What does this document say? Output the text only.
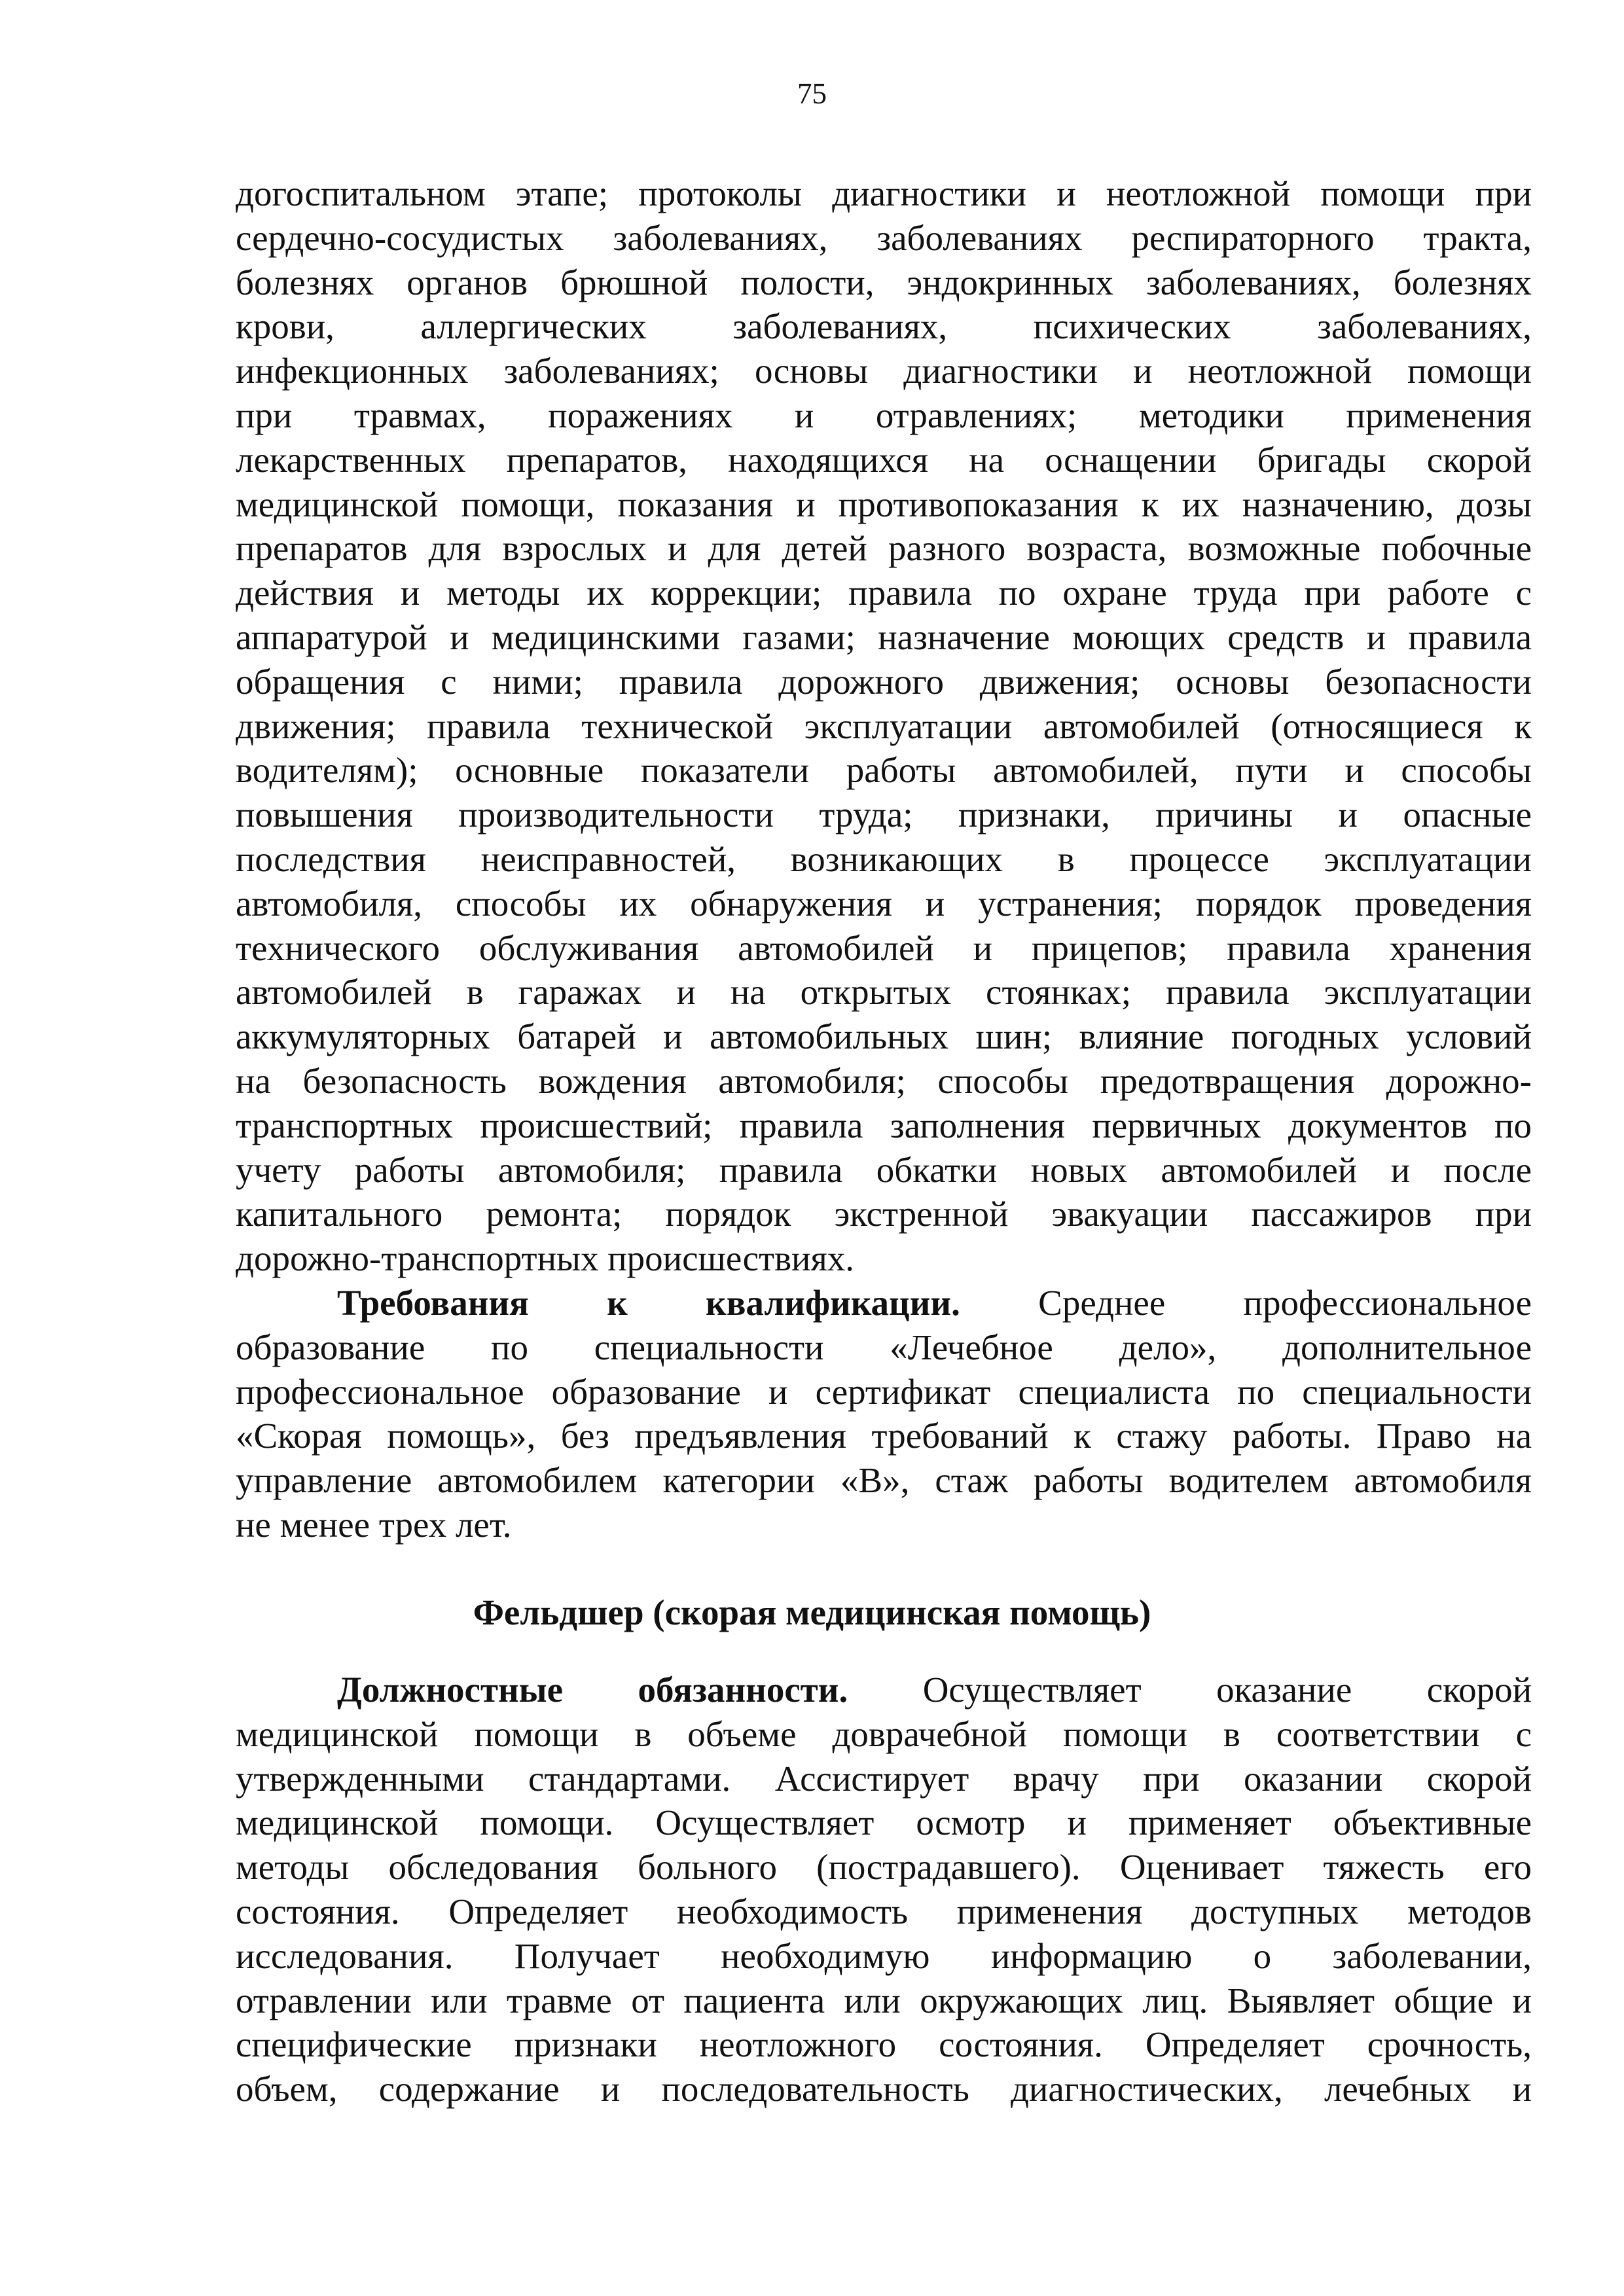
75
догоспитальном этапе; протоколы диагностики и неотложной помощи при
сердечно-сосудистых заболеваниях, заболеваниях респираторного тракта,
болезнях органов брюшной полости, эндокринных заболеваниях, болезнях
крови, аллергических заболеваниях, психических заболеваниях,
инфекционных заболеваниях; основы диагностики и неотложной помощи
при травмах, поражениях и отравлениях; методики применения
лекарственных препаратов, находящихся на оснащении бригады скорой
медицинской помощи, показания и противопоказания к их назначению, дозы
препаратов для взрослых и для детей разного возраста, возможные побочные
действия и методы их коррекции; правила по охране труда при работе с
аппаратурой и медицинскими газами; назначение моющих средств и правила
обращения с ними; правила дорожного движения; основы безопасности
движения; правила технической эксплуатации автомобилей (относящиеся к
водителям); основные показатели работы автомобилей, пути и способы
повышения производительности труда; признаки, причины и опасные
последствия неисправностей, возникающих в процессе эксплуатации
автомобиля, способы их обнаружения и устранения; порядок проведения
технического обслуживания автомобилей и прицепов; правила хранения
автомобилей в гаражах и на открытых стоянках; правила эксплуатации
аккумуляторных батарей и автомобильных шин; влияние погодных условий
на безопасность вождения автомобиля; способы предотвращения дорожно-
транспортных происшествий; правила заполнения первичных документов по
учету работы автомобиля; правила обкатки новых автомобилей и после
капитального ремонта; порядок экстренной эвакуации пассажиров при
дорожно-транспортных происшествиях.
Требования к квалификации. Среднее профессиональное
образование по специальности «Лечебное дело», дополнительное
профессиональное образование и сертификат специалиста по специальности
«Скорая помощь», без предъявления требований к стажу работы. Право на
управление автомобилем категории «В», стаж работы водителем автомобиля
не менее трех лет.
Фельдшер (скорая медицинская помощь)
Должностные обязанности. Осуществляет оказание скорой
медицинской помощи в объеме доврачебной помощи в соответствии с
утвержденными стандартами. Ассистирует врачу при оказании скорой
медицинской помощи. Осуществляет осмотр и применяет объективные
методы обследования больного (пострадавшего). Оценивает тяжесть его
состояния. Определяет необходимость применения доступных методов
исследования. Получает необходимую информацию о заболевании,
отравлении или травме от пациента или окружающих лиц. Выявляет общие и
специфические признаки неотложного состояния. Определяет срочность,
объем, содержание и последовательность диагностических, лечебных и
